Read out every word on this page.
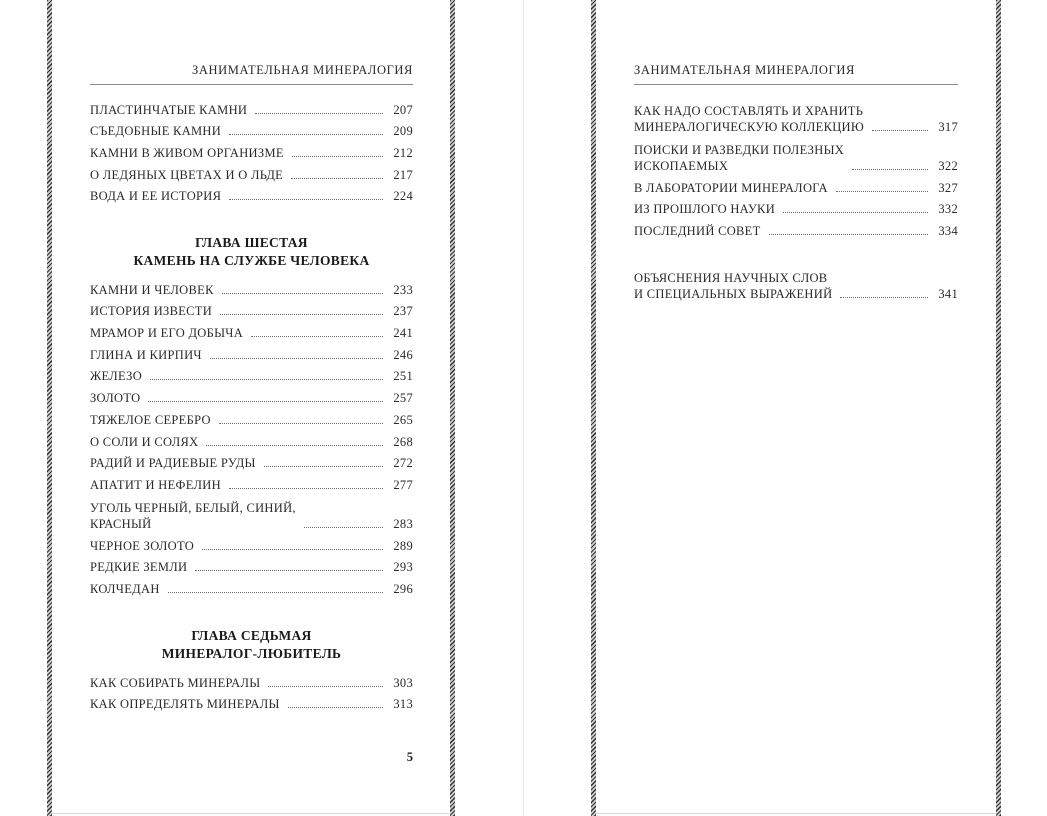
ЗАНИМАТЕЛЬНАЯ МИНЕРАЛОГИЯ
ПЛАСТИНЧАТЫЕ КАМНИ	207
СЪЕДОБНЫЕ КАМНИ	209
КАМНИ В ЖИВОМ ОРГАНИЗМЕ	212
О ЛЕДЯНЫХ ЦВЕТАХ И О ЛЬДЕ	217
ВОДА И ЕЕ ИСТОРИЯ	224
ГЛАВА ШЕСТАЯ
КАМЕНЬ НА СЛУЖБЕ ЧЕЛОВЕКА
КАМНИ И ЧЕЛОВЕК	233
ИСТОРИЯ ИЗВЕСТИ	237
МРАМОР И ЕГО ДОБЫЧА	241
ГЛИНА И КИРПИЧ	246
ЖЕЛЕЗО	251
ЗОЛОТО	257
ТЯЖЕЛОЕ СЕРЕБРО	265
О СОЛИ И СОЛЯХ	268
РАДИЙ И РАДИЕВЫЕ РУДЫ	272
АПАТИТ И НЕФЕЛИН	277
УГОЛЬ ЧЕРНЫЙ, БЕЛЫЙ, СИНИЙ,
КРАСНЫЙ	283
ЧЕРНОЕ ЗОЛОТО	289
РЕДКИЕ ЗЕМЛИ	293
КОЛЧЕДАН	296
ГЛАВА СЕДЬМАЯ
МИНЕРАЛОГ-ЛЮБИТЕЛЬ
КАК СОБИРАТЬ МИНЕРАЛЫ	303
КАК ОПРЕДЕЛЯТЬ МИНЕРАЛЫ	313
5
ЗАНИМАТЕЛЬНАЯ МИНЕРАЛОГИЯ
КАК НАДО СОСТАВЛЯТЬ И ХРАНИТЬ
МИНЕРАЛОГИЧЕСКУЮ КОЛЛЕКЦИЮ	317
ПОИСКИ И РАЗВЕДКИ ПОЛЕЗНЫХ
ИСКОПАЕМЫХ	322
В ЛАБОРАТОРИИ МИНЕРАЛОГА	327
ИЗ ПРОШЛОГО НАУКИ	332
ПОСЛЕДНИЙ СОВЕТ	334
ОБЪЯСНЕНИЯ НАУЧНЫХ СЛОВ
И СПЕЦИАЛЬНЫХ ВЫРАЖЕНИЙ	341
